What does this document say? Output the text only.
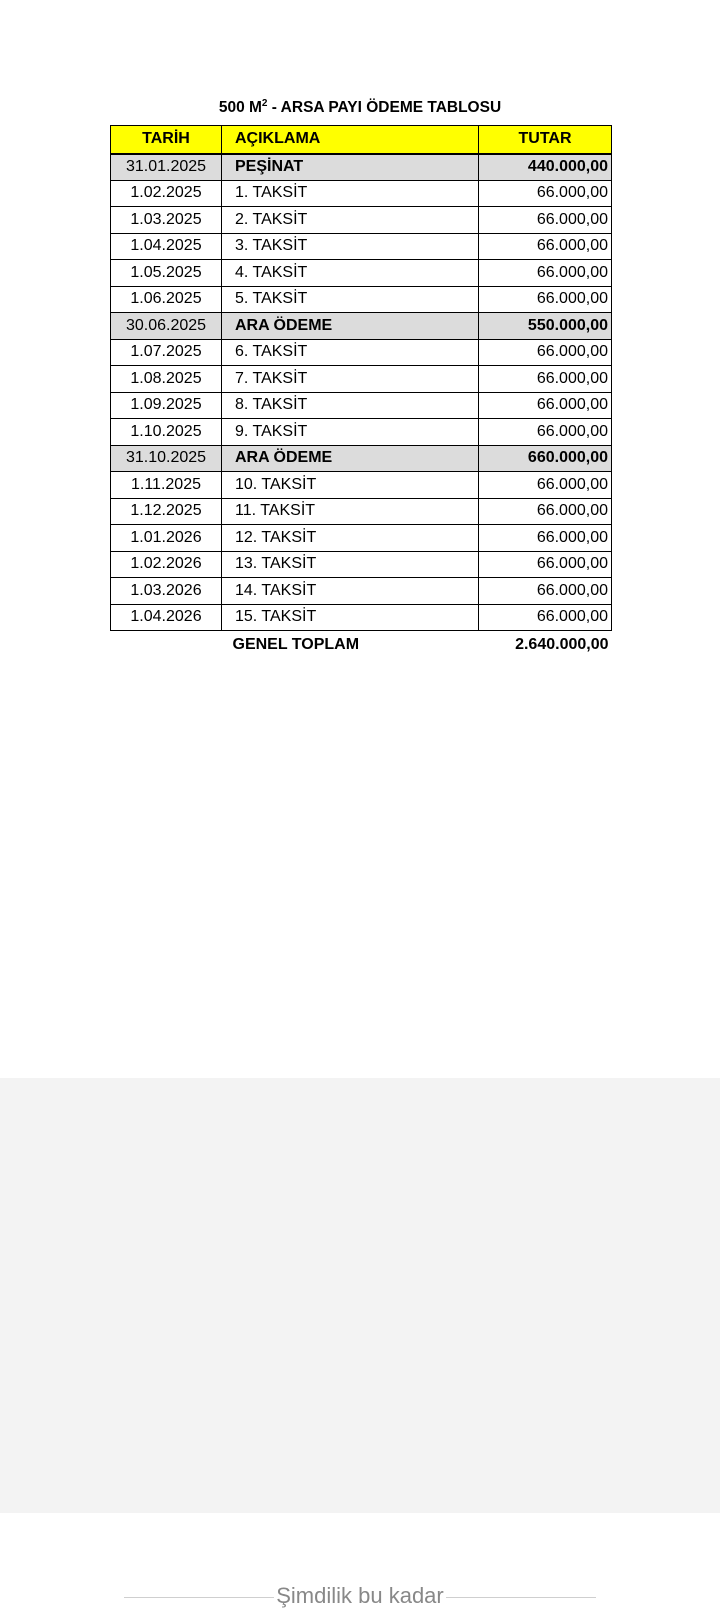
500 $M^2$ - ARSA PAYI ÖDEME TABLOSU
TARİH	AÇIKLAMA	TUTAR
31.01.2025	PEŞİNAT	440.000,00
1.02.2025	1. TAKSİT	66.000,00
1.03.2025	2. TAKSİT	66.000,00
1.04.2025	3. TAKSİT	66.000,00
1.05.2025	4. TAKSİT	66.000,00
1.06.2025	5. TAKSİT	66.000,00
30.06.2025	ARA ÖDEME	550.000,00
1.07.2025	6. TAKSİT	66.000,00
1.08.2025	7. TAKSİT	66.000,00
1.09.2025	8. TAKSİT	66.000,00
1.10.2025	9. TAKSİT	66.000,00
31.10.2025	ARA ÖDEME	660.000,00
1.11.2025	10. TAKSİT	66.000,00
1.12.2025	11. TAKSİT	66.000,00
1.01.2026	12. TAKSİT	66.000,00
1.02.2026	13. TAKSİT	66.000,00
1.03.2026	14. TAKSİT	66.000,00
1.04.2026	15. TAKSİT	66.000,00
	GENEL TOPLAM	2.640.000,00
Şimdilik bu kadar
